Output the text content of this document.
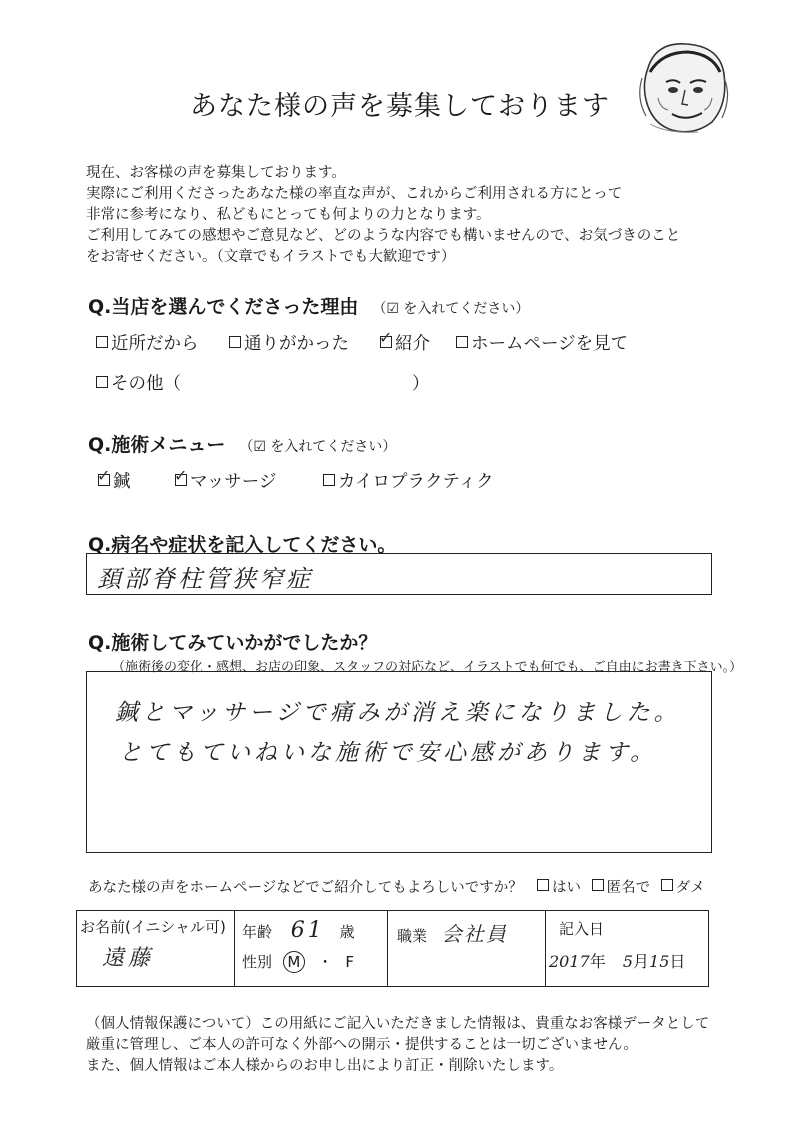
あなた様の声を募集しております
現在、お客様の声を募集しております。
実際にご利用くださったあなた様の率直な声が、これからご利用される方にとって
非常に参考になり、私どもにとっても何よりの力となります。
ご利用してみての感想やご意見など、どのような内容でも構いませんので、お気づきのこと
をお寄せください。（文章でもイラストでも大歓迎です）
Q.当店を選んでくださった理由 （☑ を入れてください）
近所だから	通りがかった ✓ 紹介	ホームページを見て
その他（	）
Q.施術メニュー （☑ を入れてください）
✓ 鍼	✓ マッサージ	カイロプラクティク
Q.病名や症状を記入してください。
頚部脊柱管狭窄症
Q.施術してみていかがでしたか？
（施術後の変化・感想、お店の印象、スタッフの対応など、イラストでも何でも、ご自由にお書き下さい。）
鍼とマッサージで痛みが消え楽になりました。
とてもていねいな施術で安心感があります。
あなた様の声をホームページなどでご紹介してもよろしいですか？	はい 匿名で ダメ
お名前(イニシャル可)
遠藤

年齢 61 歳
性別 M ・ F

職業 会社員	記入日
2017年 5月15日
（個人情報保護について）この用紙にご記入いただきました情報は、貴重なお客様データとして
厳重に管理し、ご本人の許可なく外部への開示・提供することは一切ございません。
また、個人情報はご本人様からのお申し出により訂正・削除いたします。
